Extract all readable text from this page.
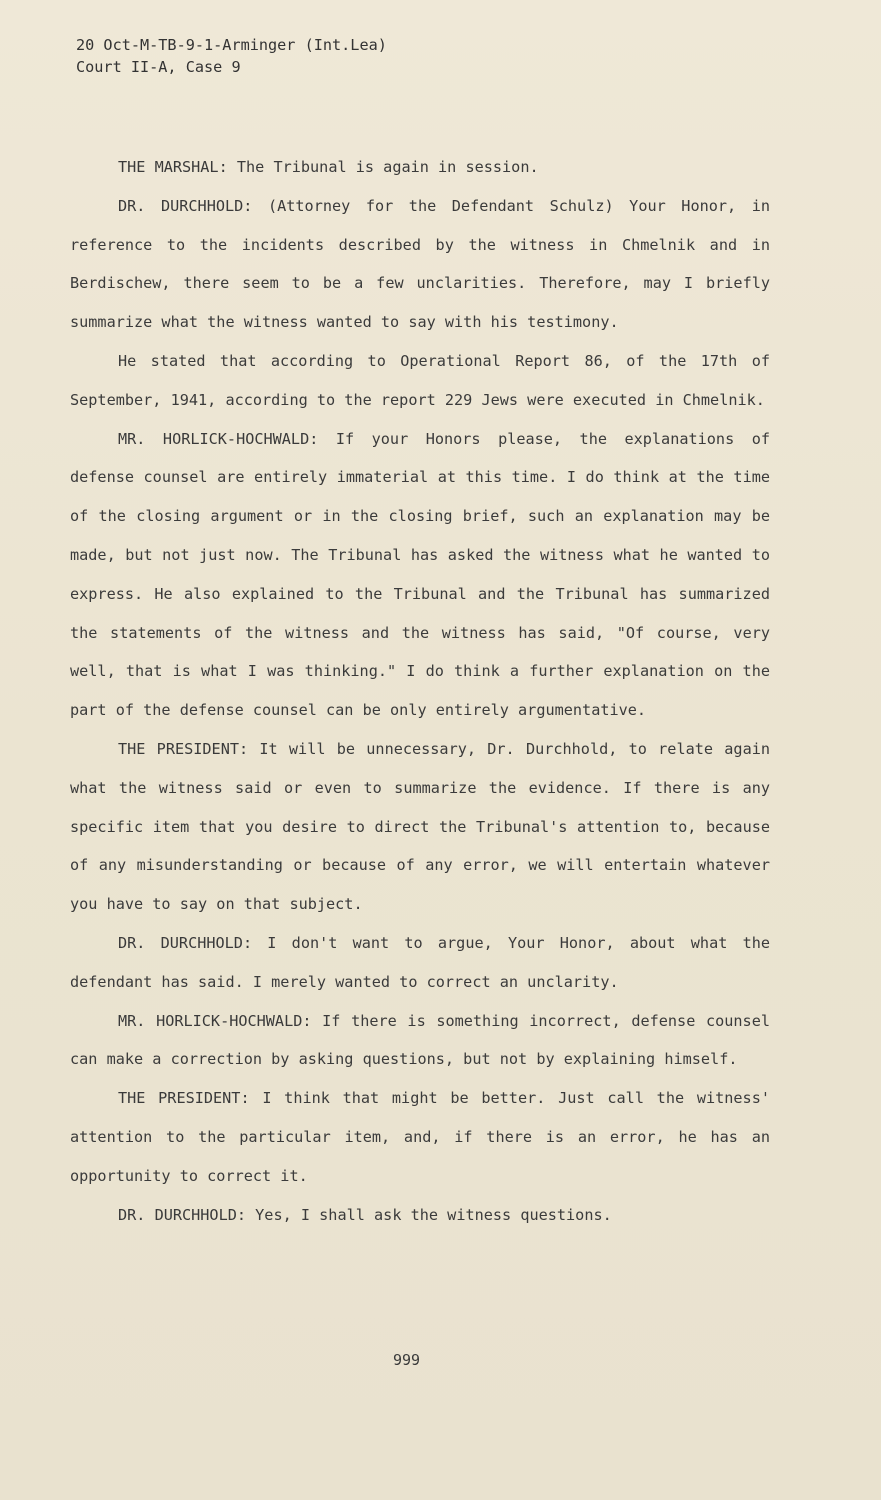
20 Oct-M-TB-9-1-Arminger (Int.Lea)
Court II-A, Case 9

THE MARSHAL: The Tribunal is again in session.

DR. DURCHHOLD: (Attorney for the Defendant Schulz) Your Honor, in reference to the incidents described by the witness in Chmelnik and in Berdischew, there seem to be a few unclarities. Therefore, may I briefly summarize what the witness wanted to say with his testimony.

He stated that according to Operational Report 86, of the 17th of September, 1941, according to the report 229 Jews were executed in Chmelnik.

MR. HORLICK-HOCHWALD: If your Honors please, the explanations of defense counsel are entirely immaterial at this time. I do think at the time of the closing argument or in the closing brief, such an explanation may be made, but not just now. The Tribunal has asked the witness what he wanted to express. He also explained to the Tribunal and the Tribunal has summarized the statements of the witness and the witness has said, "Of course, very well, that is what I was thinking." I do think a further explanation on the part of the defense counsel can be only entirely argumentative.

THE PRESIDENT: It will be unnecessary, Dr. Durchhold, to relate again what the witness said or even to summarize the evidence. If there is any specific item that you desire to direct the Tribunal's attention to, because of any misunderstanding or because of any error, we will entertain whatever you have to say on that subject.

DR. DURCHHOLD: I don't want to argue, Your Honor, about what the defendant has said. I merely wanted to correct an unclarity.

MR. HORLICK-HOCHWALD: If there is something incorrect, defense counsel can make a correction by asking questions, but not by explaining himself.

THE PRESIDENT: I think that might be better. Just call the witness' attention to the particular item, and, if there is an error, he has an opportunity to correct it.

DR. DURCHHOLD: Yes, I shall ask the witness questions.

999
